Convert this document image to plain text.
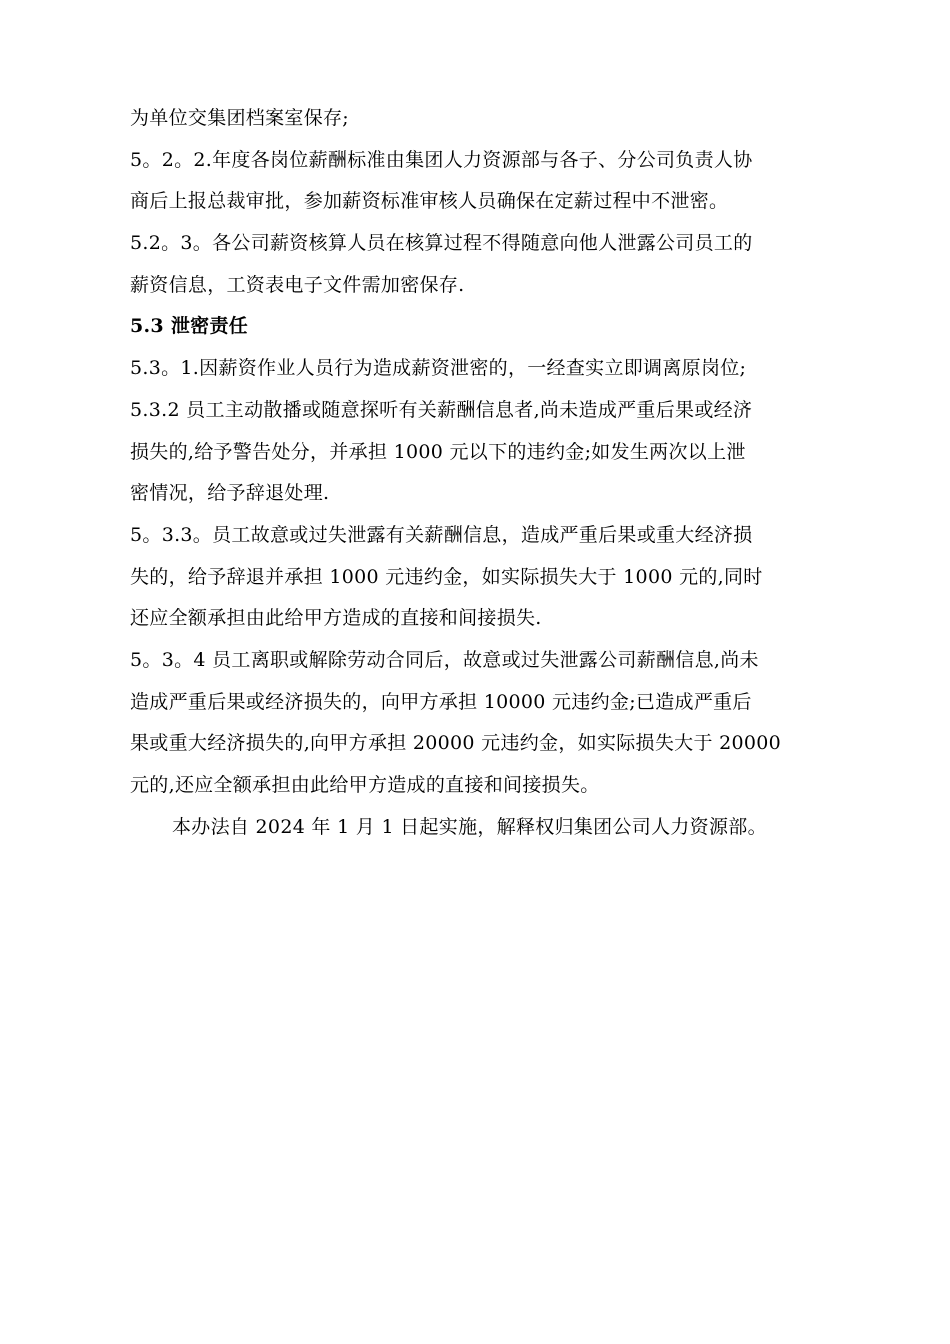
为单位交集团档案室保存;
5。2。2.年度各岗位薪酬标准由集团人力资源部与各子、分公司负责人协
商后上报总裁审批，参加薪资标准审核人员确保在定薪过程中不泄密。
5.2。3。各公司薪资核算人员在核算过程不得随意向他人泄露公司员工的
薪资信息，工资表电子文件需加密保存.
5.3 泄密责任
5.3。1.因薪资作业人员行为造成薪资泄密的，一经查实立即调离原岗位;
5.3.2 员工主动散播或随意探听有关薪酬信息者,尚未造成严重后果或经济
损失的,给予警告处分，并承担 1000 元以下的违约金;如发生两次以上泄
密情况，给予辞退处理.
5。3.3。员工故意或过失泄露有关薪酬信息，造成严重后果或重大经济损
失的，给予辞退并承担 1000 元违约金，如实际损失大于 1000 元的,同时
还应全额承担由此给甲方造成的直接和间接损失.
5。3。4 员工离职或解除劳动合同后，故意或过失泄露公司薪酬信息,尚未
造成严重后果或经济损失的，向甲方承担 10000 元违约金;已造成严重后
果或重大经济损失的,向甲方承担 20000 元违约金，如实际损失大于 20000
元的,还应全额承担由此给甲方造成的直接和间接损失。
本办法自 2024 年 1 月 1 日起实施，解释权归集团公司人力资源部。
